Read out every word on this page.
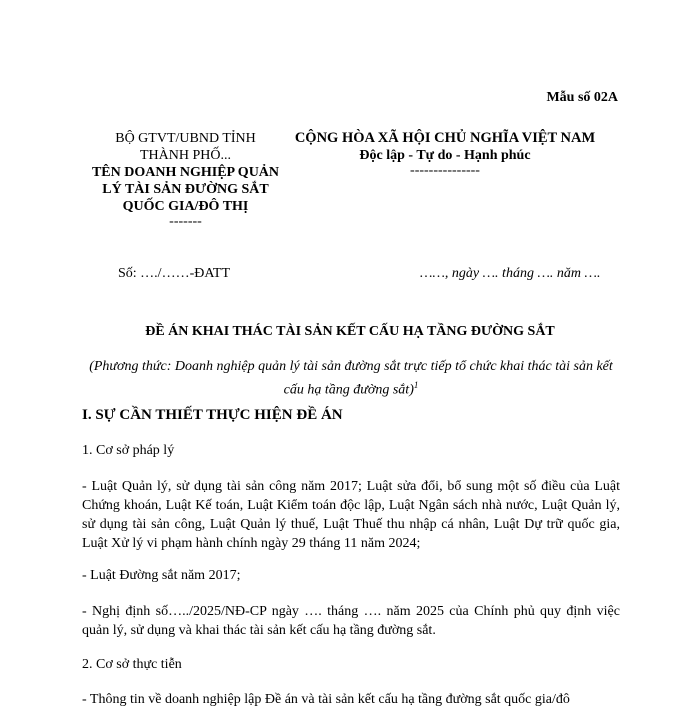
Mẫu số 02A
BỘ GTVT/UBND TỈNH
THÀNH PHỐ...
TÊN DOANH NGHIỆP QUẢN LÝ TÀI SẢN ĐƯỜNG SẮT QUỐC GIA/ĐÔ THỊ
-------
CỘNG HÒA XÃ HỘI CHỦ NGHĨA VIỆT NAM
Độc lập - Tự do - Hạnh phúc
---------------
Số: …./……-ĐATT	……, ngày …. tháng …. năm ….
ĐỀ ÁN KHAI THÁC TÀI SẢN KẾT CẤU HẠ TẦNG ĐƯỜNG SẮT
(Phương thức: Doanh nghiệp quản lý tài sản đường sắt trực tiếp tổ chức khai thác tài sản kết cấu hạ tầng đường sắt)$^1$
I. SỰ CẦN THIẾT THỰC HIỆN ĐỀ ÁN
1. Cơ sở pháp lý
- Luật Quản lý, sử dụng tài sản công năm 2017; Luật sửa đổi, bổ sung một số điều của Luật Chứng khoán, Luật Kế toán, Luật Kiểm toán độc lập, Luật Ngân sách nhà nước, Luật Quản lý, sử dụng tài sản công, Luật Quản lý thuế, Luật Thuế thu nhập cá nhân, Luật Dự trữ quốc gia, Luật Xử lý vi phạm hành chính ngày 29 tháng 11 năm 2024;
- Luật Đường sắt năm 2017;
- Nghị định số…../2025/NĐ-CP ngày …. tháng …. năm 2025 của Chính phủ quy định việc quản lý, sử dụng và khai thác tài sản kết cấu hạ tầng đường sắt.
2. Cơ sở thực tiễn
- Thông tin về doanh nghiệp lập Đề án và tài sản kết cấu hạ tầng đường sắt quốc gia/đô
